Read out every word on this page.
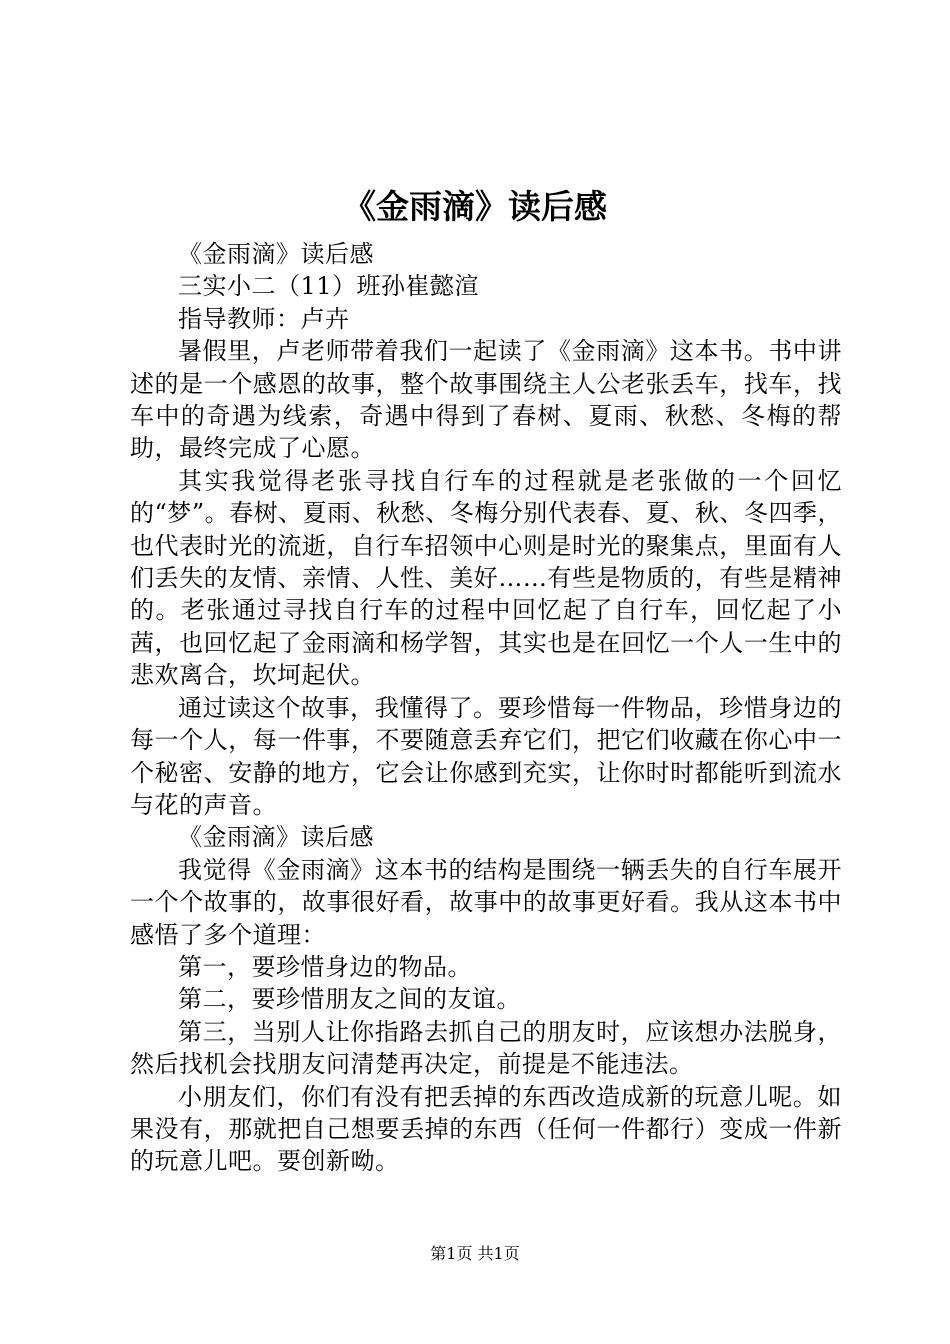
《金雨滴》读后感

《金雨滴》读后感

三实小二（11）班孙崔懿渲

指导教师：卢卉

暑假里，卢老师带着我们一起读了《金雨滴》这本书。书中讲述的是一个感恩的故事，整个故事围绕主人公老张丢车，找车，找车中的奇遇为线索，奇遇中得到了春树、夏雨、秋愁、冬梅的帮助，最终完成了心愿。

其实我觉得老张寻找自行车的过程就是老张做的一个回忆的“梦”。春树、夏雨、秋愁、冬梅分别代表春、夏、秋、冬四季，也代表时光的流逝，自行车招领中心则是时光的聚集点，里面有人们丢失的友情、亲情、人性、美好……有些是物质的，有些是精神的。老张通过寻找自行车的过程中回忆起了自行车，回忆起了小茜，也回忆起了金雨滴和杨学智，其实也是在回忆一个人一生中的悲欢离合，坎坷起伏。

通过读这个故事，我懂得了。要珍惜每一件物品，珍惜身边的每一个人，每一件事，不要随意丢弃它们，把它们收藏在你心中一个秘密、安静的地方，它会让你感到充实，让你时时都能听到流水与花的声音。

《金雨滴》读后感

我觉得《金雨滴》这本书的结构是围绕一辆丢失的自行车展开一个个故事的，故事很好看，故事中的故事更好看。我从这本书中感悟了多个道理：

第一，要珍惜身边的物品。

第二，要珍惜朋友之间的友谊。

第三，当别人让你指路去抓自己的朋友时，应该想办法脱身，然后找机会找朋友问清楚再决定，前提是不能违法。

小朋友们，你们有没有把丢掉的东西改造成新的玩意儿呢。如果没有，那就把自己想要丢掉的东西（任何一件都行）变成一件新的玩意儿吧。要创新呦。

第1页 共1页
